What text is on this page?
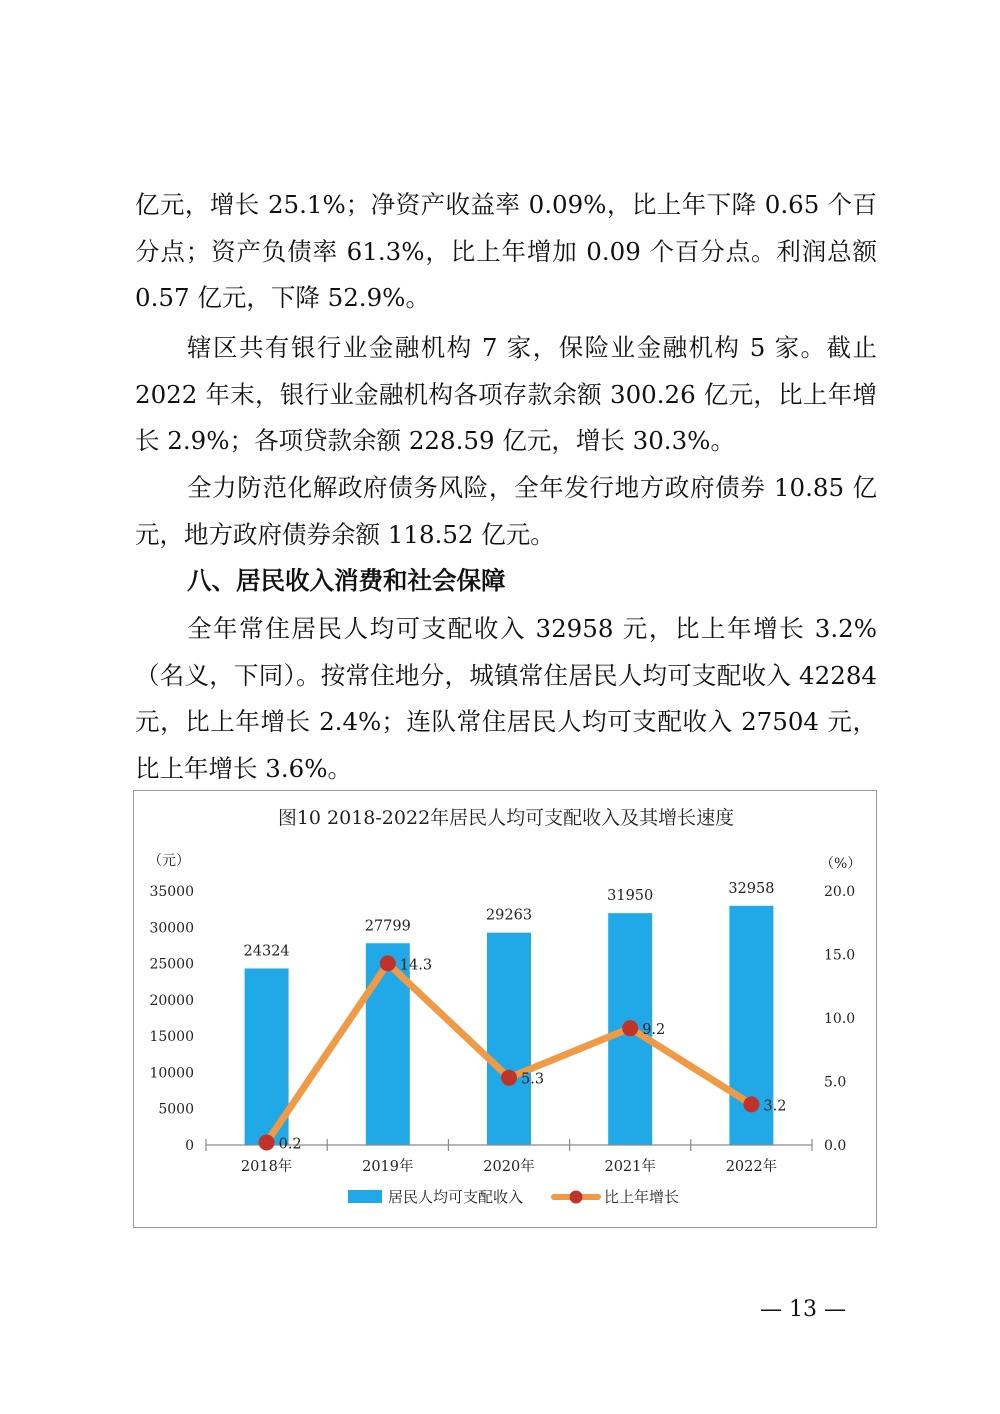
亿元，增长 25.1%；净资产收益率 0.09%，比上年下降 0.65 个百分点；资产负债率 61.3%，比上年增加 0.09 个百分点。利润总额 0.57 亿元，下降 52.9%。

辖区共有银行业金融机构 7 家，保险业金融机构 5 家。截止 2022 年末，银行业金融机构各项存款余额 300.26 亿元，比上年增长 2.9%；各项贷款余额 228.59 亿元，增长 30.3%。

全力防范化解政府债务风险，全年发行地方政府债券 10.85 亿元，地方政府债券余额 118.52 亿元。

八、居民收入消费和社会保障

全年常住居民人均可支配收入 32958 元，比上年增长 3.2%（名义，下同）。按常住地分，城镇常住居民人均可支配收入 42284 元，比上年增长 2.4%；连队常住居民人均可支配收入 27504 元，比上年增长 3.6%。

图10 2018-2022年居民人均可支配收入及其增长速度
（元）	（%）
0
5000
10000
15000
20000
25000
30000
35000
0.0
5.0
10.0
15.0
20.0
24324
27799
29263
31950	32958
2018年	2019年	2020年	2021年	2022年
0.2
14.3
5.3
9.2
3.2
居民人均可支配收入	比上年增长
— 13 —
